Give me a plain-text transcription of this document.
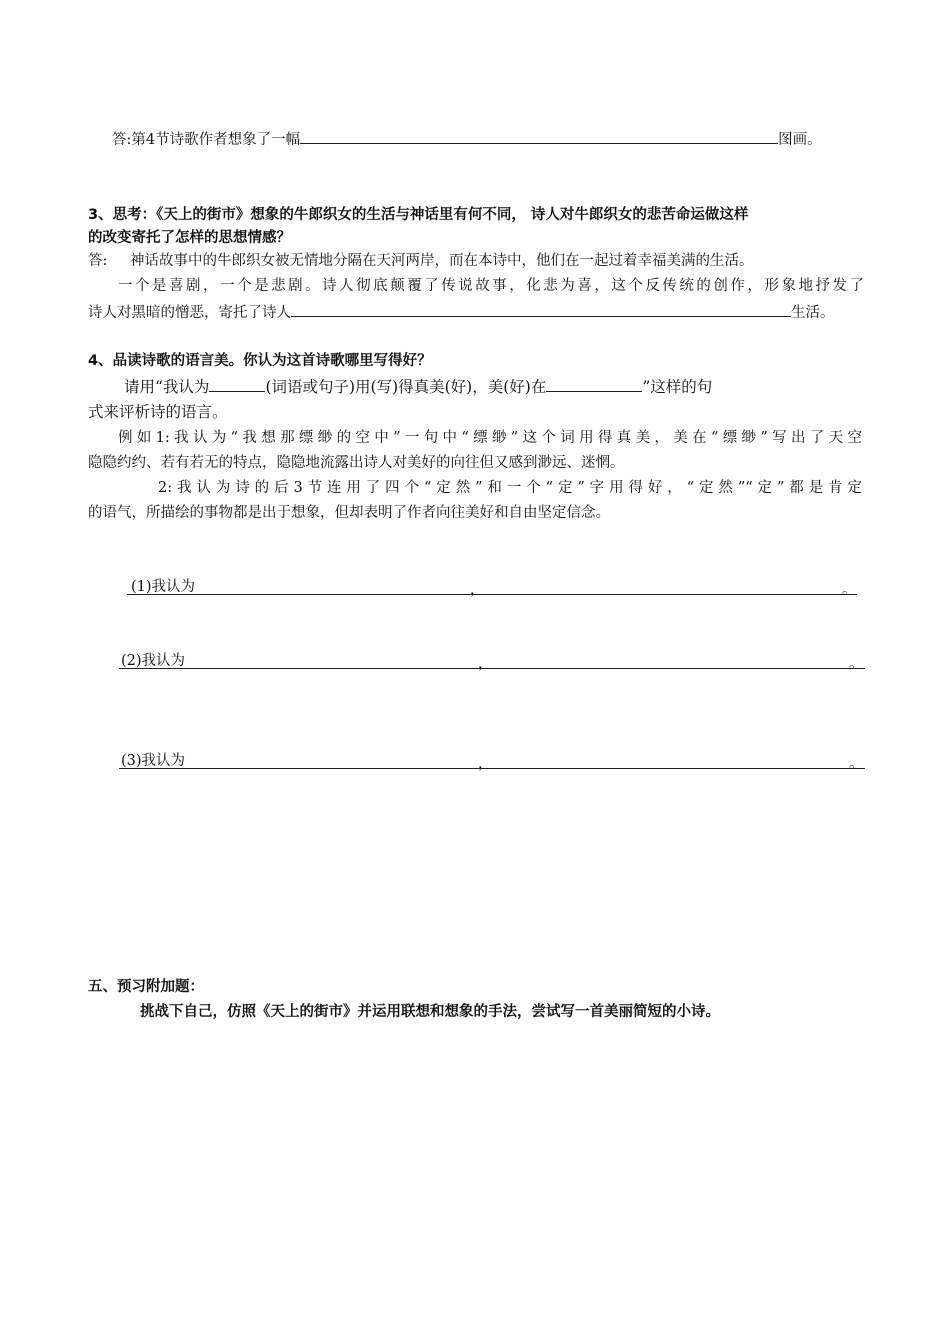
答:第4节诗歌作者想象了一幅	图画。
3、思考：《天上的街市》想象的牛郎织女的生活与神话里有何不同， 诗人对牛郎织女的悲苦命运做这样
的改变寄托了怎样的思想情感？
答: 神话故事中的牛郎织女被无情地分隔在天河两岸，而在本诗中，他们在一起过着幸福美满的生活。
一个是喜剧，一个是悲剧。诗人彻底颠覆了传说故事，化悲为喜，这个反传统的创作，形象地抒发了
诗人对黑暗的憎恶，寄托了诗人	生活。
4、品读诗歌的语言美。你认为这首诗歌哪里写得好？
请用“我认为	(词语或句子)用(写)得真美(好)，美(好)在	”这样的句
式来评析诗的语言。
例如1:我认为“我想那缥缈的空中”一句中“缥缈”这个词用得真美，美在“缥缈”写出了天空
隐隐约约、若有若无的特点，隐隐地流露出诗人对美好的向往但又感到渺远、迷惘。
2:我认为诗的后3节连用了四个“定然”和一个“定”字用得好，“定然”“定”都是肯定
的语气，所描绘的事物都是出于想象，但却表明了作者向往美好和自由坚定信念。
(1)我认为	，	。
(2)我认为	，	。
(3)我认为	，	。
五、预习附加题：
挑战下自己，仿照《天上的街市》并运用联想和想象的手法，尝试写一首美丽简短的小诗。
